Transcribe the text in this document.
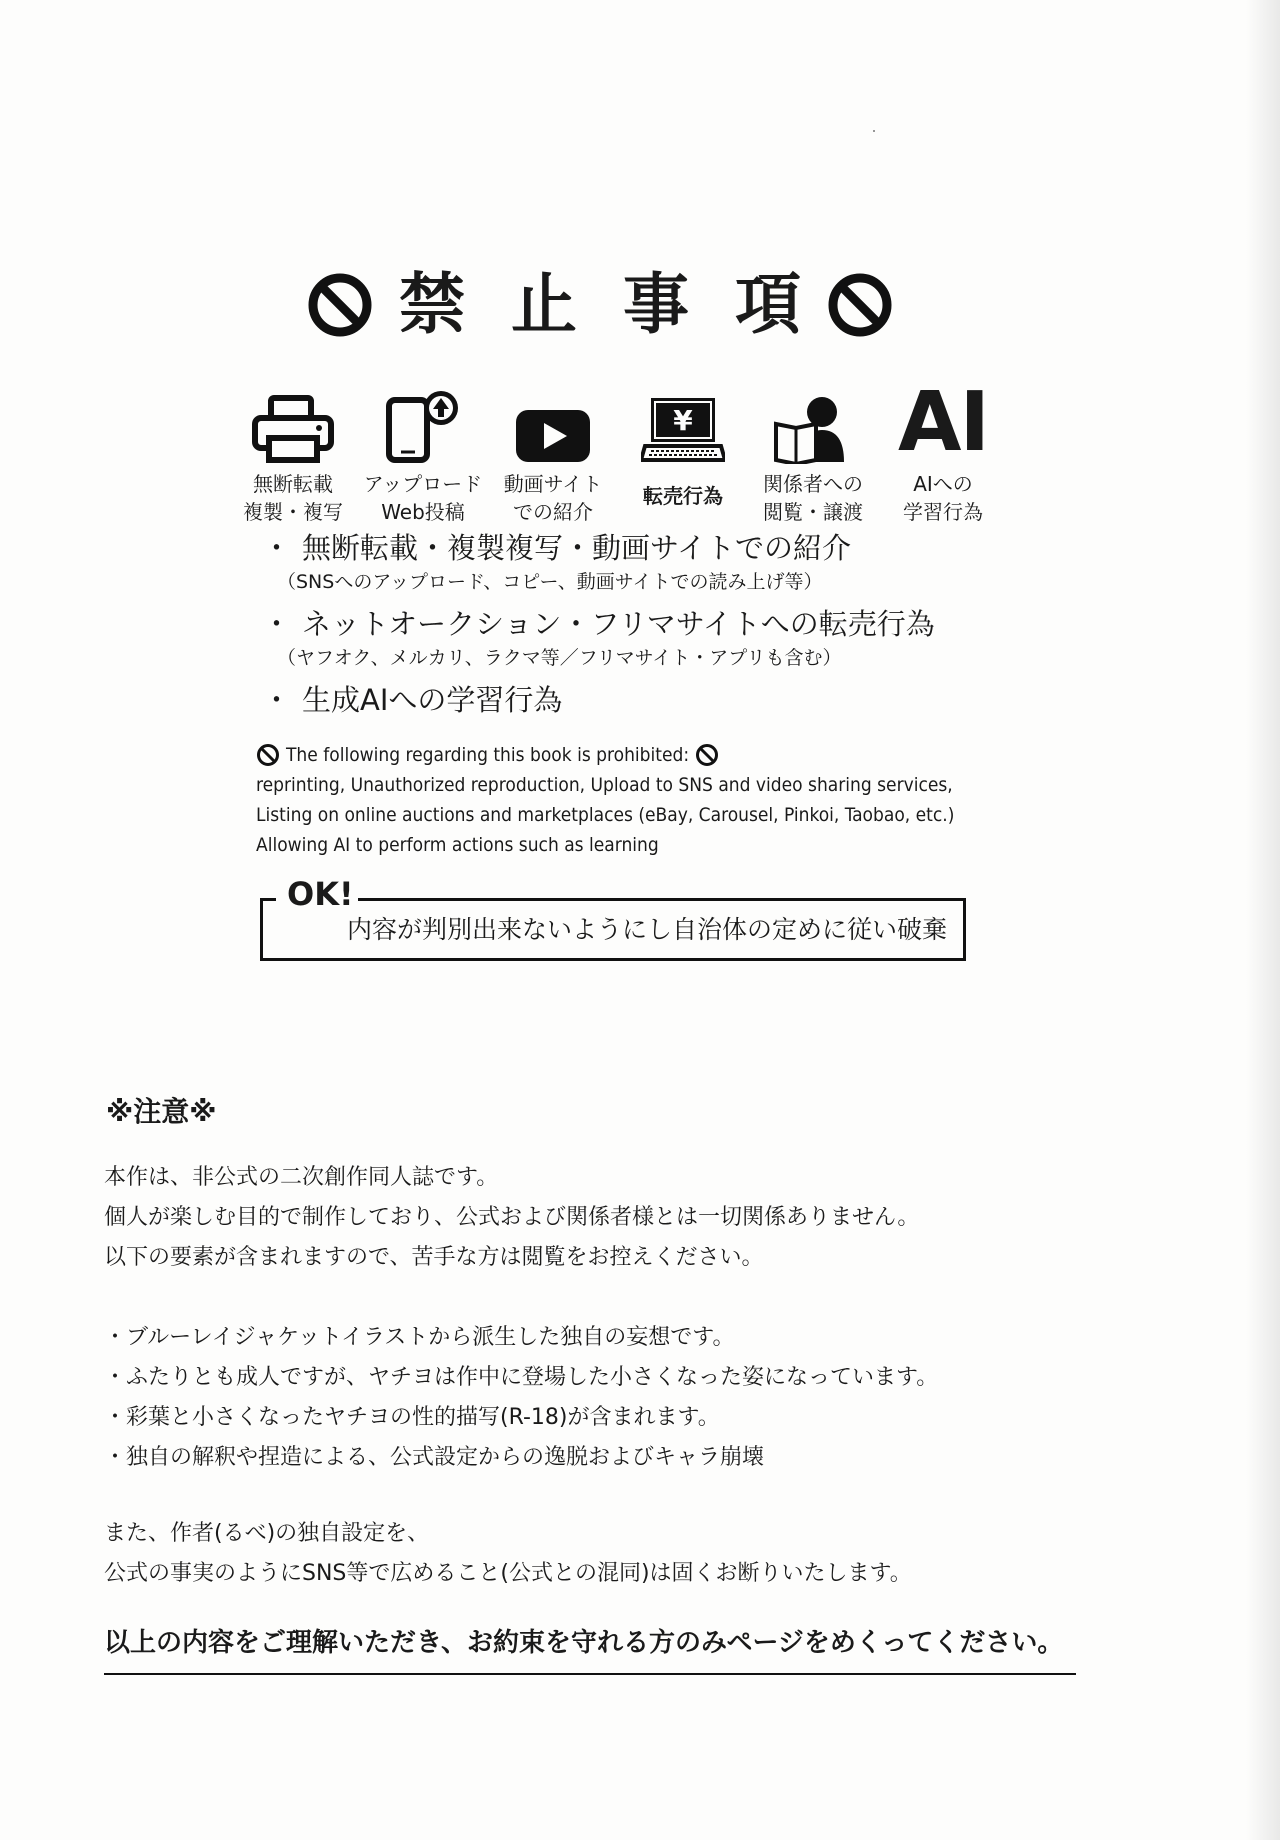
禁止事項
無断転載
複製・複写
アップロード
Web投稿
動画サイト
での紹介
¥
転売行為 関係者への
閲覧・譲渡
AI
AIへの
学習行為
・ 無断転載・複製複写・動画サイトでの紹介
（SNSへのアップロード、コピー、動画サイトでの読み上げ等）
・ ネットオークション・フリマサイトへの転売行為
（ヤフオク、メルカリ、ラクマ等／フリマサイト・アプリも含む）
・ 生成AIへの学習行為
The following regarding this book is prohibited:
reprinting, Unauthorized reproduction, Upload to SNS and video sharing services,
Listing on online auctions and marketplaces (eBay, Carousel, Pinkoi, Taobao, etc.)
Allowing AI to perform actions such as learning
OK!
内容が判別出来ないようにし自治体の定めに従い破棄
※注意※
本作は、非公式の二次創作同人誌です。
個人が楽しむ目的で制作しており、公式および関係者様とは一切関係ありません。
以下の要素が含まれますので、苦手な方は閲覧をお控えください。
・ブルーレイジャケットイラストから派生した独自の妄想です。
・ふたりとも成人ですが、ヤチヨは作中に登場した小さくなった姿になっています。
・彩葉と小さくなったヤチヨの性的描写(R-18)が含まれます。
・独自の解釈や捏造による、公式設定からの逸脱およびキャラ崩壊
また、作者(るべ)の独自設定を、
公式の事実のようにSNS等で広めること(公式との混同)は固くお断りいたします。
以上の内容をご理解いただき、お約束を守れる方のみページをめくってください。
